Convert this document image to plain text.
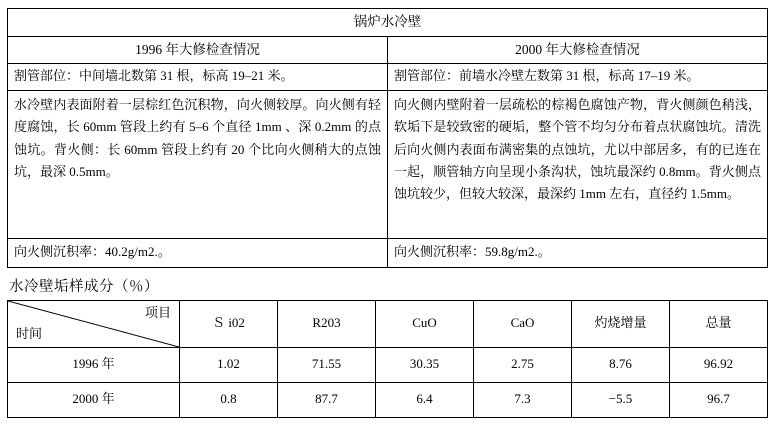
锅炉水冷壁	
1996 年大修检查情况	2000 年大修检查情况
割管部位：中间墙北数第 31 根，标高 19–21 米。	割管部位：前墙水冷壁左数第 31 根，标高 17–19 米。
水冷壁内表面附着一层棕红色沉积物，向火侧较厚。向火侧有轻度腐蚀，长 60mm 管段上约有 5–6 个直径 1mm 、深 0.2mm 的点蚀坑。背火侧：长 60mm 管段上约有 20 个比向火侧稍大的点蚀坑，最深 0.5mm。	向火侧内壁附着一层疏松的棕褐色腐蚀产物，背火侧颜色稍浅，软垢下是较致密的硬垢，整个管不均匀分布着点状腐蚀坑。清洗后向火侧内表面布满密集的点蚀坑，尤以中部居多，有的已连在一起，顺管轴方向呈现小条沟状，蚀坑最深约 0.8mm。背火侧点蚀坑较少，但较大较深，最深约 1mm 左右，直径约 1.5mm。
向火侧沉积率：40.2g/m2.。	向火侧沉积率：59.8g/m2.。
水冷壁垢样成分（％）
项目
时间	Ｓ i02	R203	CuO	CaO	灼烧增量	总量
1996 年	1.02	71.55	30.35	2.75	8.76	96.92
2000 年	0.8	87.7	6.4	7.3	−5.5	96.7
